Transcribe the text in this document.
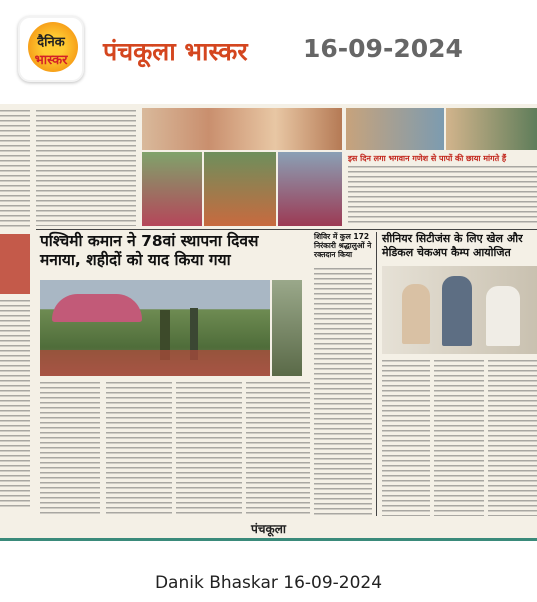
दैनिक
भास्कर	पंचकूला भास्कर 16-09-2024
इस दिन लगा भगवान गणेश से पापों की छाया मांगते हैं
पश्चिमी कमान ने 78वां स्थापना दिवस मनाया, शहीदों को याद किया गया
शिविर में कुल 172 निरंकारी श्रद्धालुओं ने रक्तदान किया
सीनियर सिटीजंस के लिए खेल और मेडिकल चेकअप कैम्प आयोजित
पंचकूला
Danik Bhaskar 16-09-2024
